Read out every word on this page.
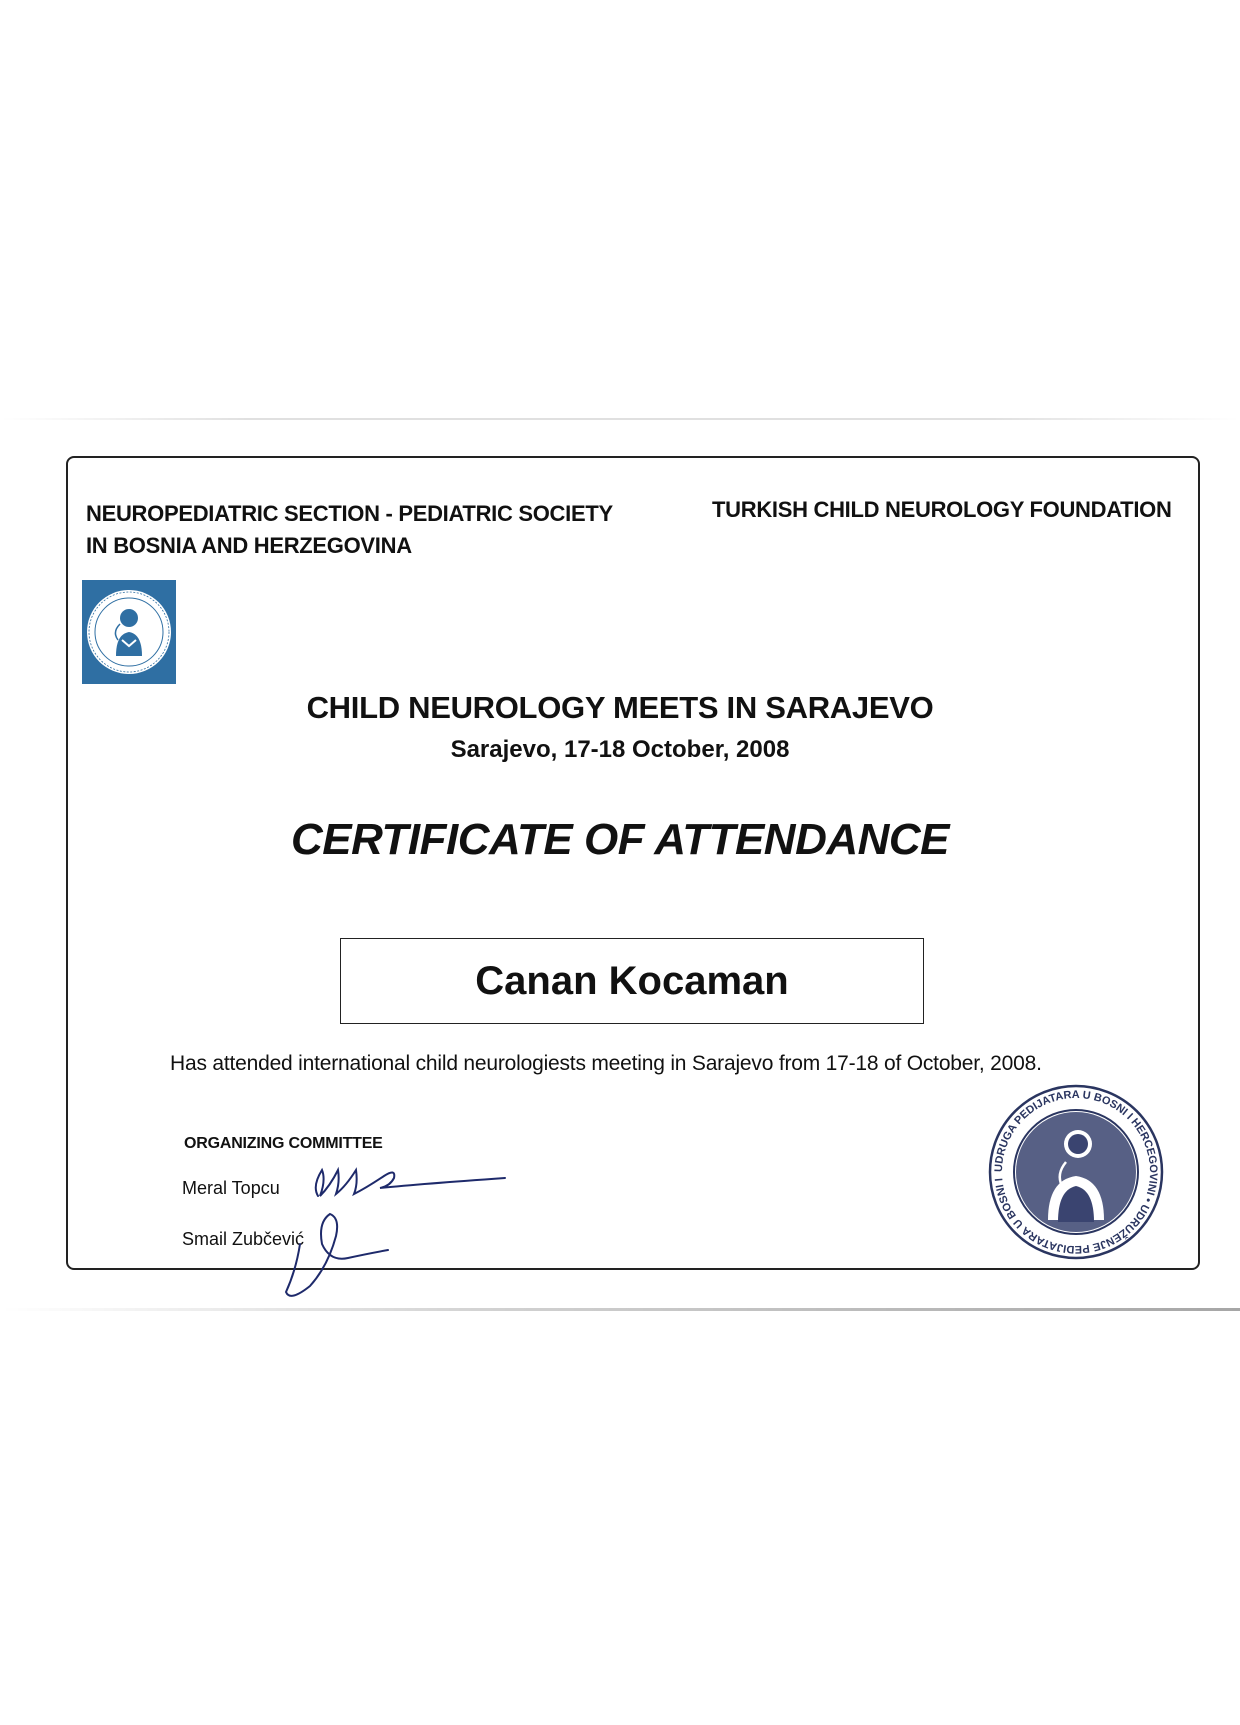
NEUROPEDIATRIC SECTION - PEDIATRIC SOCIETY
IN BOSNIA AND HERZEGOVINA
TURKISH CHILD NEUROLOGY FOUNDATION
CHILD NEUROLOGY MEETS IN SARAJEVO
Sarajevo, 17-18 October, 2008
CERTIFICATE OF ATTENDANCE
Canan Kocaman
Has attended international child neurologiests meeting in Sarajevo from 17-18 of October, 2008.
ORGANIZING COMMITTEE
Meral Topcu
Smail Zubčević
UDRUGA PEDIJATARA U BOSNI I HERCEGOVINI • UDRUŽENJE PEDIJATARA U BOSNI I
